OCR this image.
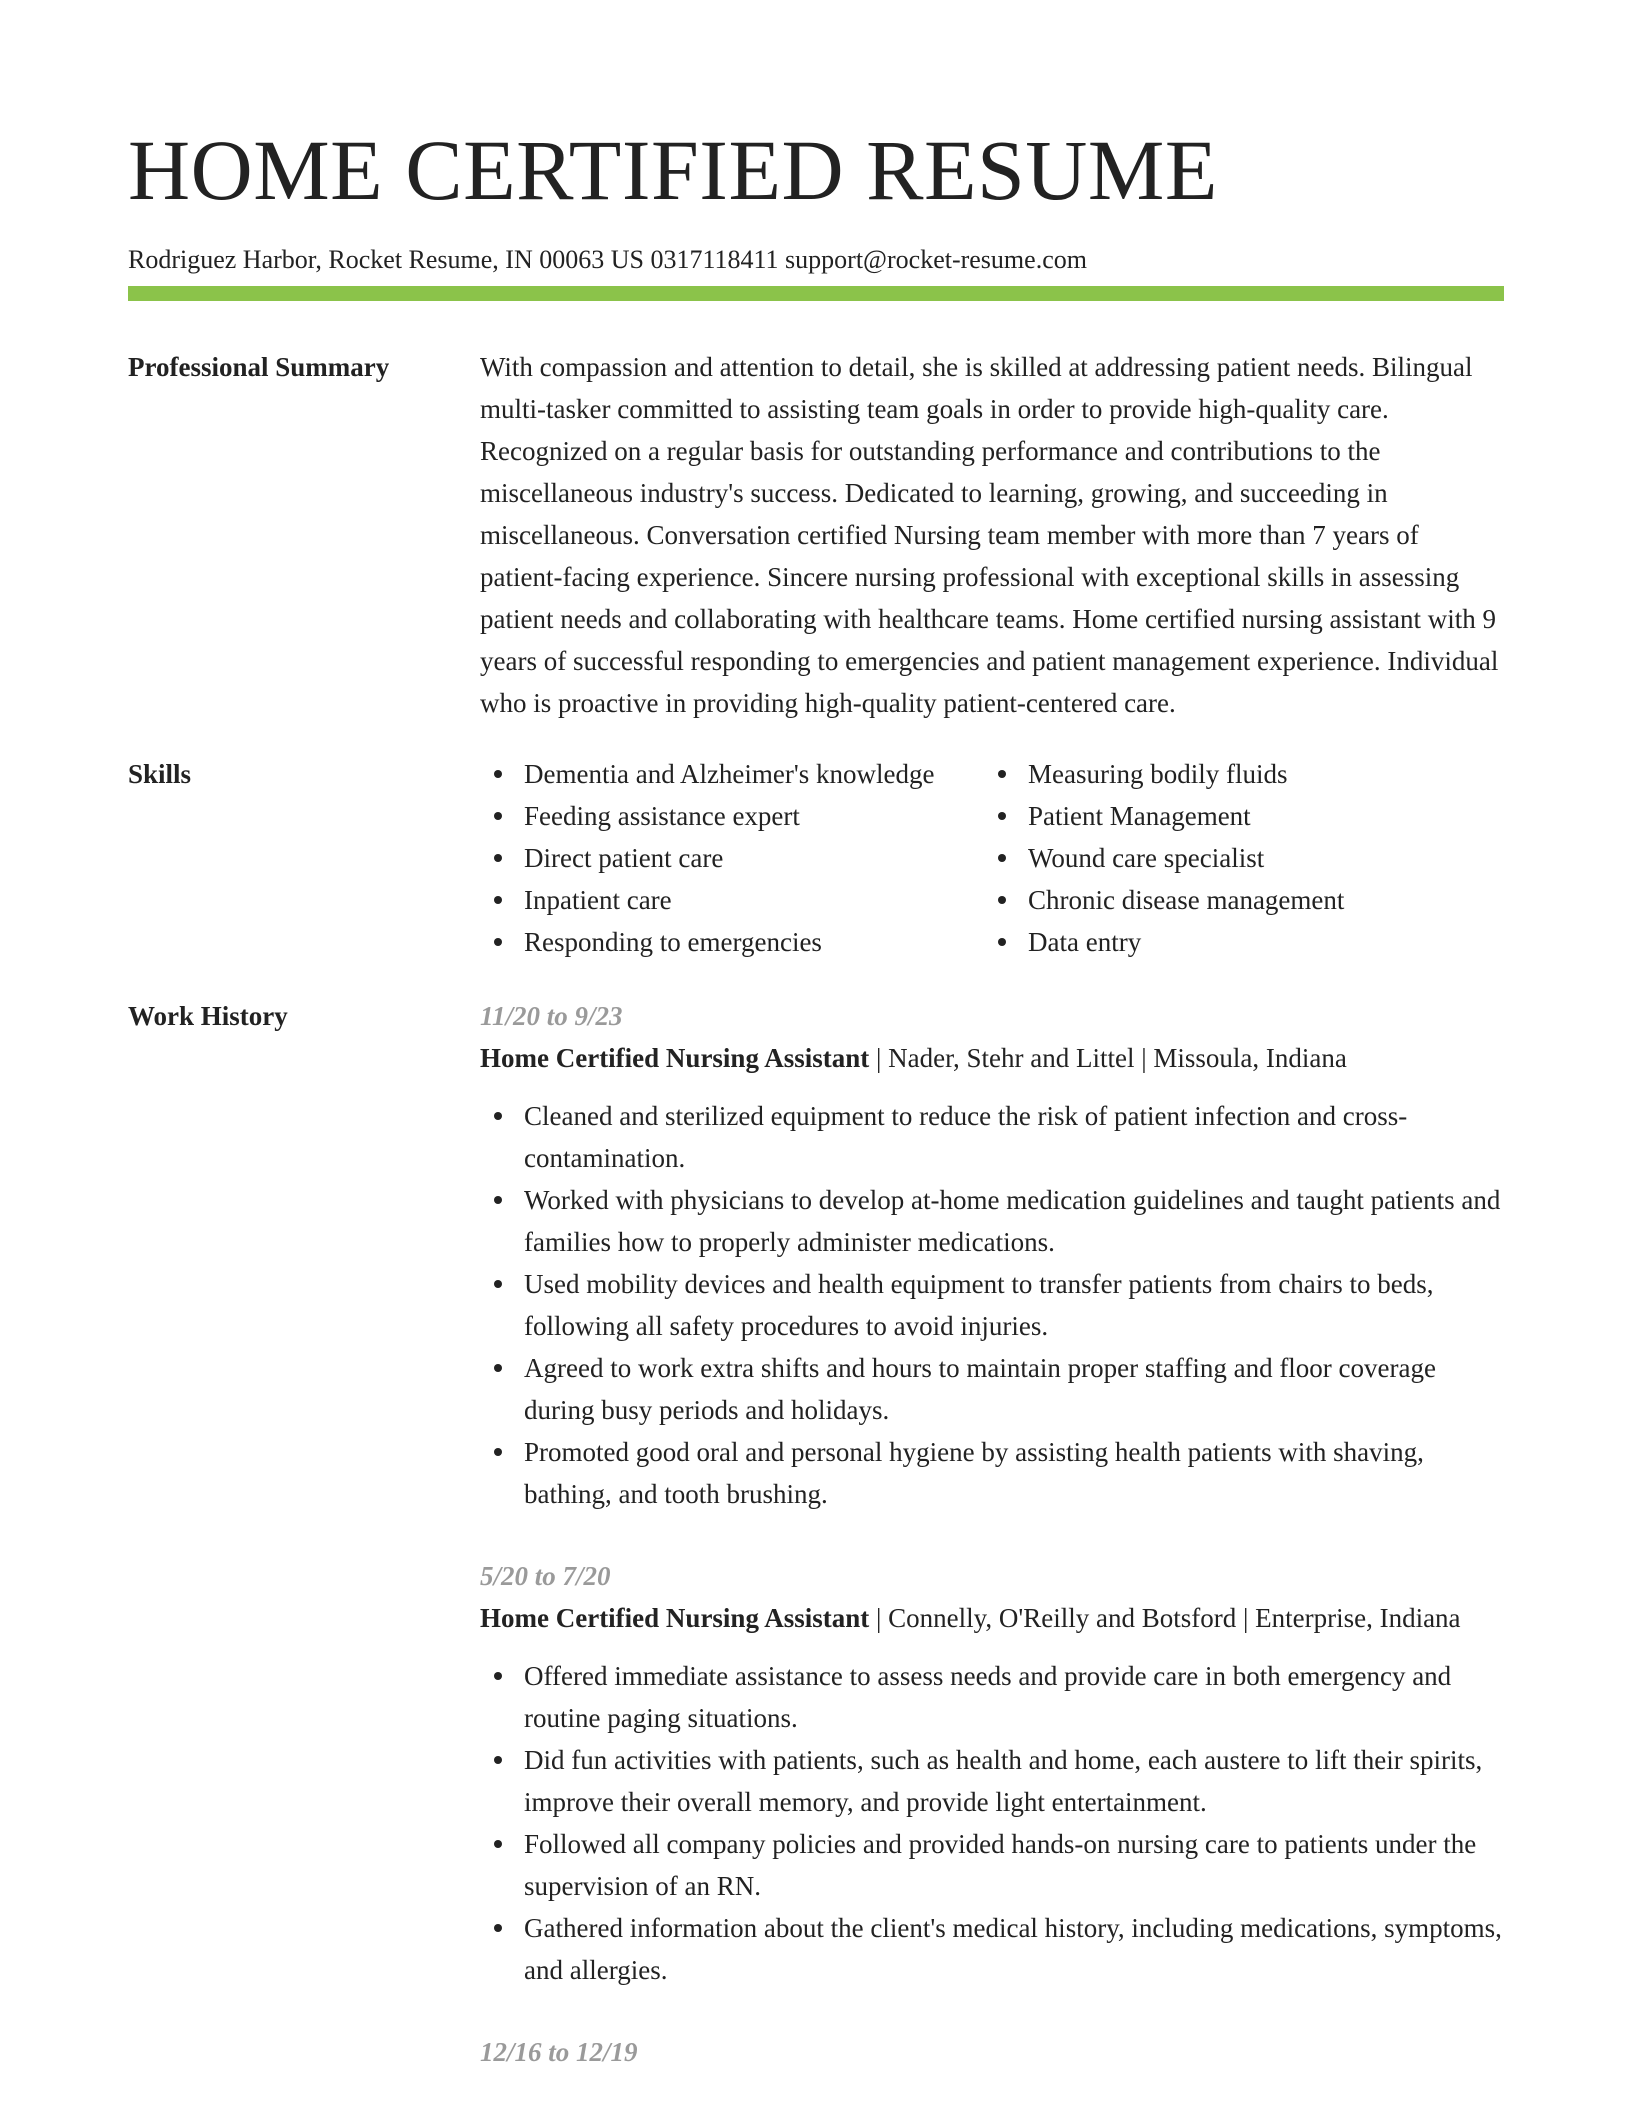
HOME CERTIFIED RESUME
Rodriguez Harbor, Rocket Resume, IN 00063 US 0317118411 support@rocket-resume.com
Professional Summary	With compassion and attention to detail, she is skilled at addressing patient needs. Bilingual multi-tasker committed to assisting team goals in order to provide high-quality care. Recognized on a regular basis for outstanding performance and contributions to the miscellaneous industry's success. Dedicated to learning, growing, and succeeding in miscellaneous. Conversation certified Nursing team member with more than 7 years of patient-facing experience. Sincere nursing professional with exceptional skills in assessing patient needs and collaborating with healthcare teams. Home certified nursing assistant with 9 years of successful responding to emergencies and patient management experience. Individual who is proactive in providing high-quality patient-centered care.

Skills	Dementia and Alzheimer's knowledge
Feeding assistance expert
Direct patient care
Inpatient care
Responding to emergencies
Measuring bodily fluids
Patient Management
Wound care specialist
Chronic disease management
Data entry
Work History	11/20 to 9/23

Home Certified Nursing Assistant | Nader, Stehr and Littel | Missoula, Indiana

Cleaned and sterilized equipment to reduce the risk of patient infection and cross-contamination.
Worked with physicians to develop at-home medication guidelines and taught patients and families how to properly administer medications.
Used mobility devices and health equipment to transfer patients from chairs to beds, following all safety procedures to avoid injuries.
Agreed to work extra shifts and hours to maintain proper staffing and floor coverage during busy periods and holidays.
Promoted good oral and personal hygiene by assisting health patients with shaving, bathing, and tooth brushing.
5/20 to 7/20

Home Certified Nursing Assistant | Connelly, O'Reilly and Botsford | Enterprise, Indiana

Offered immediate assistance to assess needs and provide care in both emergency and routine paging situations.
Did fun activities with patients, such as health and home, each austere to lift their spirits, improve their overall memory, and provide light entertainment.
Followed all company policies and provided hands-on nursing care to patients under the supervision of an RN.
Gathered information about the client's medical history, including medications, symptoms, and allergies.
12/16 to 12/19
